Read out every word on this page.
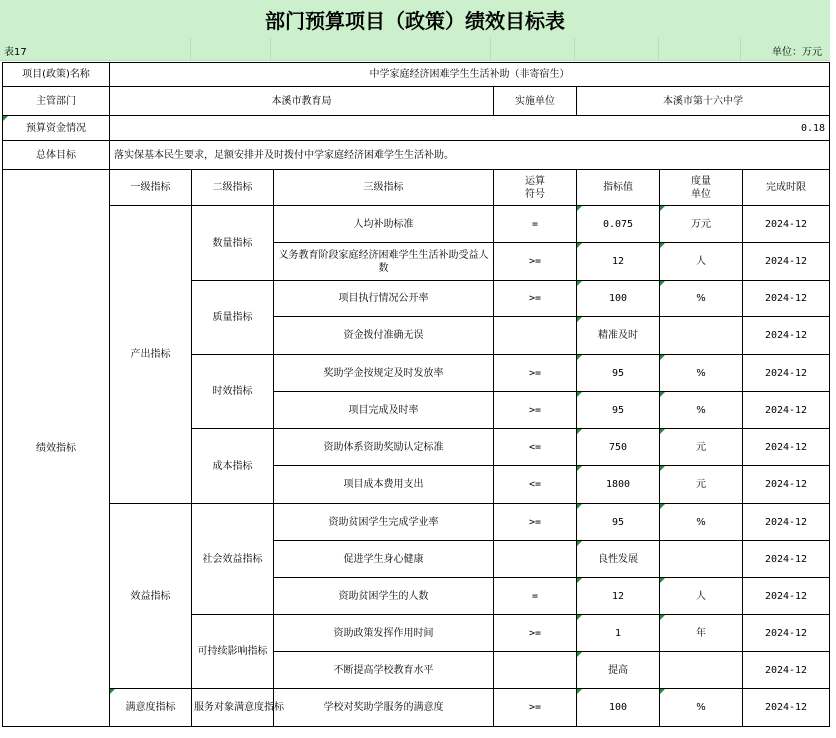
部门预算项目（政策）绩效目标表
表17	单位：万元
项目(政策)名称	中学家庭经济困难学生生活补助（非寄宿生）						
主管部门	本溪市教育局			实施单位	本溪市第十六中学		
预算资金情况	0.18						
总体目标	落实保基本民生要求，足额安排并及时拨付中学家庭经济困难学生生活补助。						
绩效指标	一级指标	二级指标	三级指标	运算符号	指标值	度量单位	完成时限
	产出指标	数量指标	人均补助标准	=	0.075	万元	2024-12
			义务教育阶段家庭经济困难学生生活补助受益人数	>=	12	人	2024-12
		质量指标	项目执行情况公开率	>=	100	%	2024-12
			资金拨付准确无误		精准及时		2024-12
		时效指标	奖助学金按规定及时发放率	>=	95	%	2024-12
			项目完成及时率	>=	95	%	2024-12
		成本指标	资助体系资助奖励认定标准	<=	750	元	2024-12
			项目成本费用支出	<=	1800	元	2024-12
	效益指标	社会效益指标	资助贫困学生完成学业率	>=	95	%	2024-12
			促进学生身心健康		良性发展		2024-12
			资助贫困学生的人数	=	12	人	2024-12
		可持续影响指标	资助政策发挥作用时间	>=	1	年	2024-12
			不断提高学校教育水平		提高		2024-12
	满意度指标	服务对象满意度指标	学校对奖助学服务的满意度	>=	100	%	2024-12
